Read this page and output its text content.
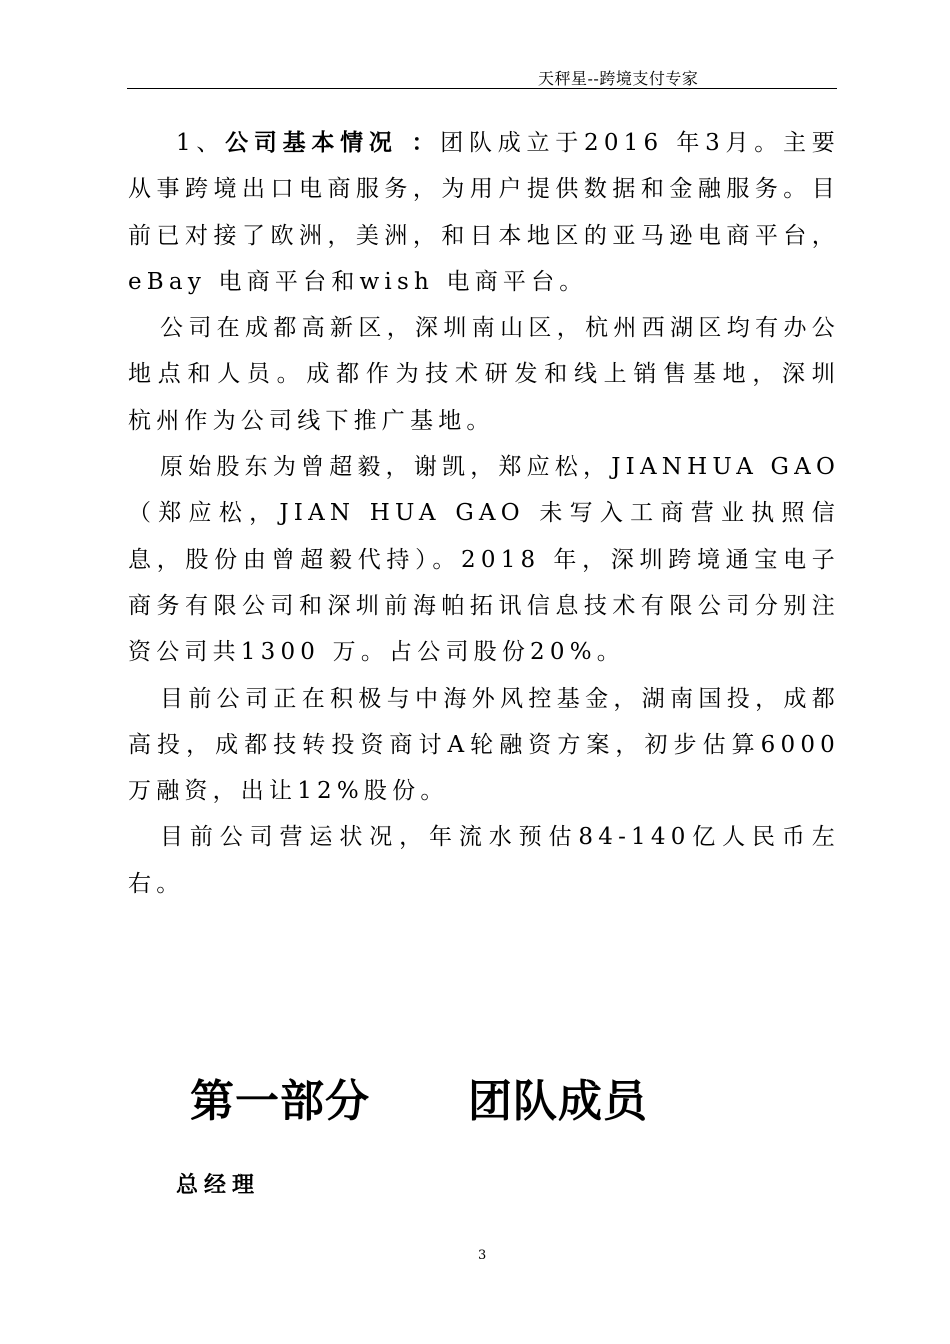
天秤星--跨境支付专家

1、公司基本情况 ：团队成立于2016 年3月。主要从事跨境出口电商服务，为用户提供数据和金融服务。目前已对接了欧洲，美洲，和日本地区的亚马逊电商平台，eBay 电商平台和wish 电商平台。

公司在成都高新区，深圳南山区，杭州西湖区均有办公地点和人员。成都作为技术研发和线上销售基地，深圳 杭州作为公司线下推广基地。

原始股东为曾超毅，谢凯，郑应松，JIANHUA GAO（郑应松，JIAN HUA GAO 未写入工商营业执照信息，股份由曾超毅代持）。2018 年，深圳跨境通宝电子商务有限公司和深圳前海帕拓讯信息技术有限公司分别注资公司共1300 万。占公司股份20%。

目前公司正在积极与中海外风控基金，湖南国投，成都高投，成都技转投资商讨A轮融资方案，初步估算6000 万融资，出让12%股份。

目前公司营运状况，年流水预估84-140亿人民币左右。

第一部分 团队成员
总经理
3
